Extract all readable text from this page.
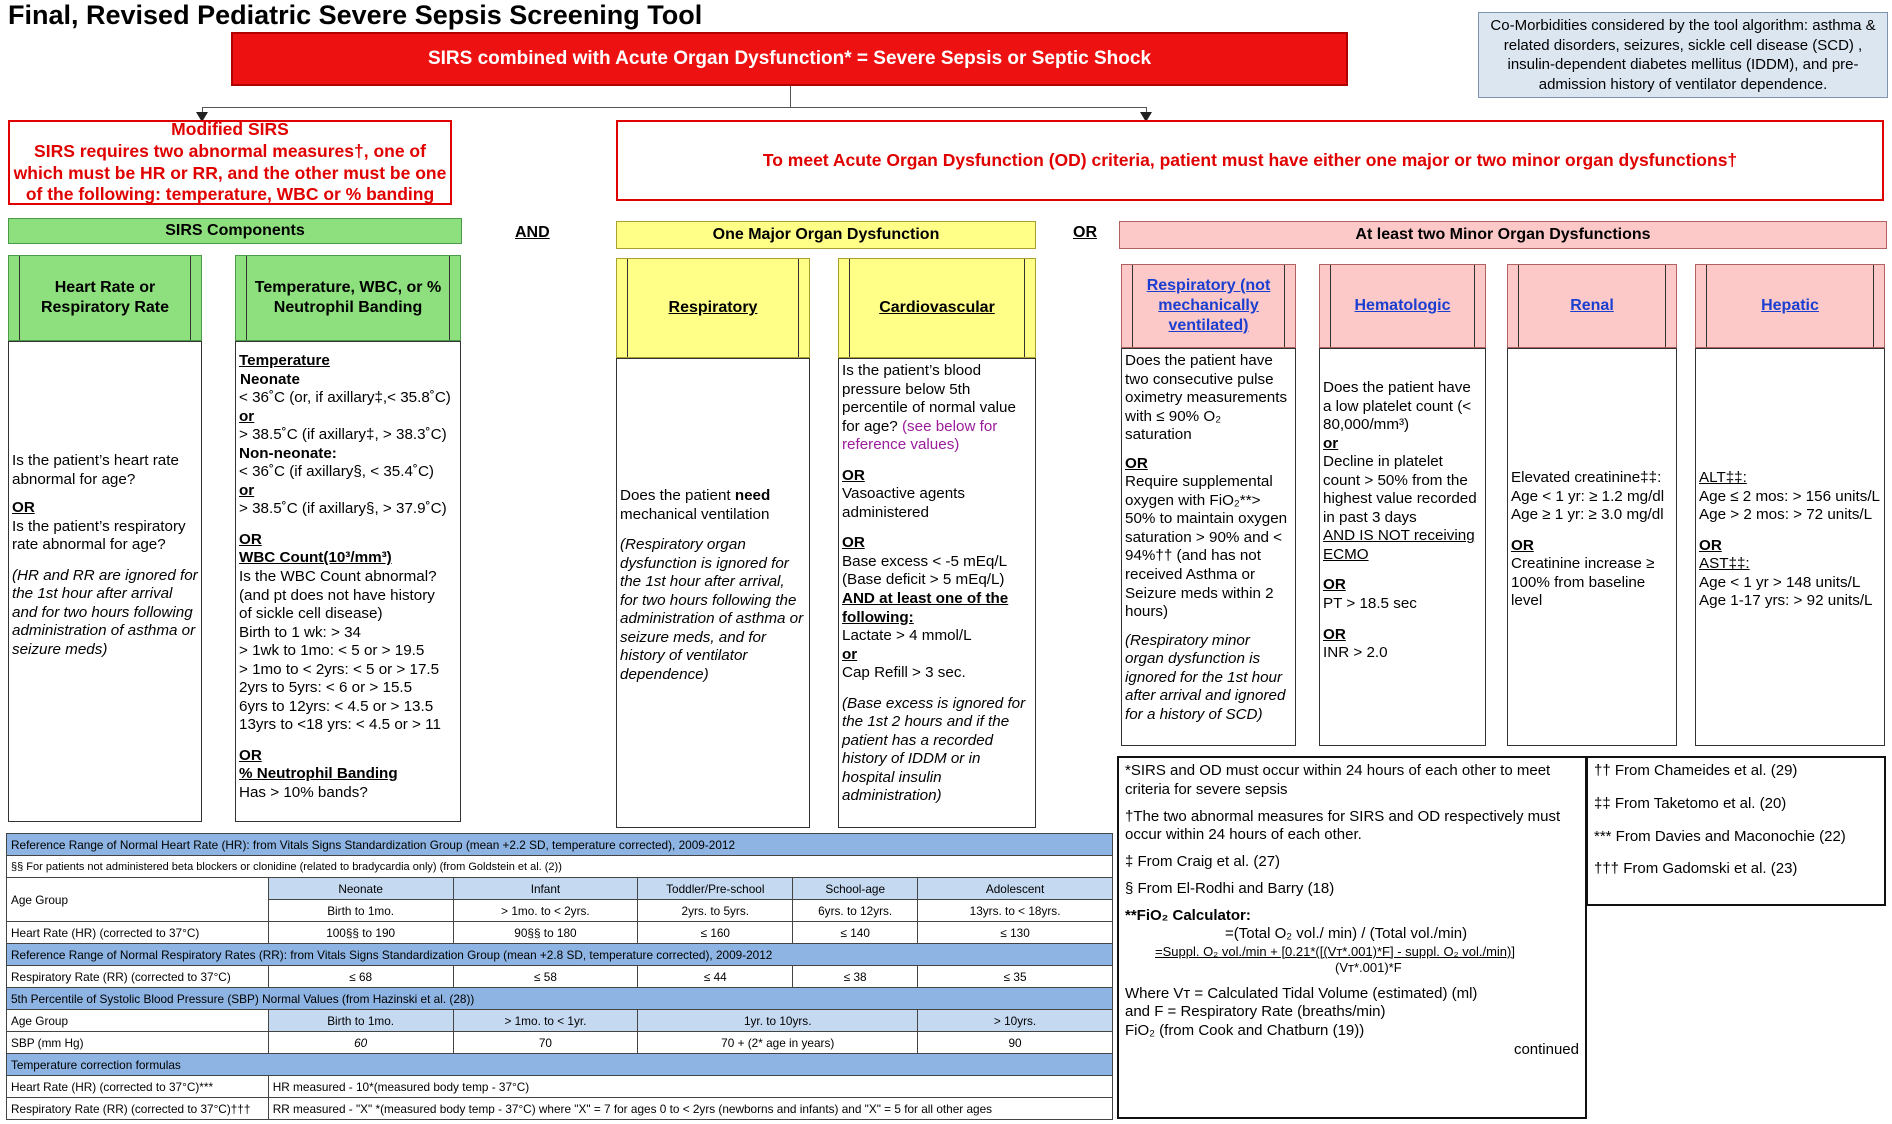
Final, Revised Pediatric Severe Sepsis Screening Tool
SIRS combined with Acute Organ Dysfunction* = Severe Sepsis or Septic Shock
Co-Morbidities considered by the tool algorithm: asthma & related disorders, seizures, sickle cell disease (SCD) , insulin-dependent diabetes mellitus (IDDM), and pre-admission history of ventilator dependence.
Modified SIRS
SIRS requires two abnormal measures†, one of which must be HR or RR, and the other must be one of the following: temperature, WBC or % banding
To meet Acute Organ Dysfunction (OD) criteria, patient must have either one major or two minor organ dysfunctions†
SIRS Components	AND	One Major Organ Dysfunction	OR	At least two Minor Organ Dysfunctions
Heart Rate or Respiratory Rate
Temperature, WBC, or % Neutrophil Banding	Respiratory	Cardiovascular
Respiratory (not mechanically ventilated)
Hematologic	Renal	Hepatic

Is the patient’s heart rate abnormal for age?

OR

Is the patient’s respiratory rate abnormal for age?

(HR and RR are ignored for the 1st hour after arrival and for two hours following administration of asthma or seizure meds)

Temperature

Neonate

< 36˚C (or, if axillary‡,< 35.8˚C)

or

> 38.5˚C (if axillary‡, > 38.3˚C)

Non-neonate:

< 36˚C (if axillary§, < 35.4˚C)

or

> 38.5˚C (if axillary§, > 37.9˚C)

OR

WBC Count(10³/mm³)

Is the WBC Count abnormal?

(and pt does not have history

of sickle cell disease)

Birth to 1 wk: > 34

> 1wk to 1mo: < 5 or > 19.5

> 1mo to < 2yrs: < 5 or > 17.5

2yrs to 5yrs: < 6 or > 15.5

6yrs to 12yrs: < 4.5 or > 13.5

13yrs to <18 yrs: < 4.5 or > 11

OR

% Neutrophil Banding

Has > 10% bands?

Does the patient need mechanical ventilation

(Respiratory organ dysfunction is ignored for the 1st hour after arrival, for two hours following the administration of asthma or seizure meds, and for history of ventilator dependence)

Is the patient’s blood pressure below 5th percentile of normal value for age? (see below for reference values)

OR

Vasoactive agents administered

OR

Base excess < -5 mEq/L

(Base deficit > 5 mEq/L)

AND at least one of the following:

Lactate > 4 mmol/L

or

Cap Refill > 3 sec.

(Base excess is ignored for the 1st 2 hours and if the patient has a recorded history of IDDM or in hospital insulin administration)

Does the patient have two consecutive pulse oximetry measurements with ≤ 90% O₂ saturation

OR

Require supplemental oxygen with FiO₂**> 50% to maintain oxygen saturation > 90% and < 94%†† (and has not received Asthma or Seizure meds within 2 hours)

(Respiratory minor organ dysfunction is ignored for the 1st hour after arrival and ignored for a history of SCD)

Does the patient have a low platelet count (< 80,000/mm³)

or

Decline in platelet count > 50% from the highest value recorded in past 3 days

AND IS NOT receiving ECMO

OR

PT > 18.5 sec

OR

INR > 2.0

Elevated creatinine‡‡:

Age < 1 yr: ≥ 1.2 mg/dl

Age ≥ 1 yr: ≥ 3.0 mg/dl

OR

Creatinine increase ≥ 100% from baseline level

ALT‡‡:

Age ≤ 2 mos: > 156 units/L

Age > 2 mos: > 72 units/L

OR

AST‡‡:

Age < 1 yr > 148 units/L

Age 1-17 yrs: > 92 units/L

Reference Range of Normal Heart Rate (HR): from Vitals Signs Standardization Group (mean +2.2 SD, temperature corrected), 2009-2012					
§§ For patients not administered beta blockers or clonidine (related to bradycardia only) (from Goldstein et al. (2))					
Age Group	Neonate	Infant	Toddler/Pre-school	School-age	Adolescent
	Birth to 1mo.	> 1mo. to < 2yrs.	2yrs. to 5yrs.	6yrs. to 12yrs.	13yrs. to < 18yrs.
Heart Rate (HR) (corrected to 37°C)	100§§ to 190	90§§ to 180	≤ 160	≤ 140	≤ 130
Reference Range of Normal Respiratory Rates (RR): from Vitals Signs Standardization Group (mean +2.8 SD, temperature corrected), 2009-2012					
Respiratory Rate (RR) (corrected to 37°C)	≤ 68	≤ 58	≤ 44	≤ 38	≤ 35
5th Percentile of Systolic Blood Pressure (SBP) Normal Values (from Hazinski et al. (28))					
Age Group	Birth to 1mo.	> 1mo. to < 1yr.	1yr. to 10yrs.		> 10yrs.
SBP (mm Hg)	60	70	70 + (2* age in years)		90
Temperature correction formulas					
Heart Rate (HR) (corrected to 37°C)***	HR measured - 10*(measured body temp - 37°C)				
Respiratory Rate (RR) (corrected to 37°C)†††	RR measured - "X" *(measured body temp - 37°C) where "X" = 7 for ages 0 to < 2yrs (newborns and infants) and "X" = 5 for all other ages				

*SIRS and OD must occur within 24 hours of each other to meet criteria for severe sepsis

†The two abnormal measures for SIRS and OD respectively must occur within 24 hours of each other.

‡ From Craig et al. (27)

§ From El-Rodhi and Barry (18)

**FiO₂ Calculator:

=(Total O₂ vol./ min) / (Total vol./min)

=Suppl. O₂ vol./min + [0.21*([(Vт*.001)*F] - suppl. O₂ vol./min)]

(Vт*.001)*F

Where Vт = Calculated Tidal Volume (estimated) (ml)

and F = Respiratory Rate (breaths/min)

FiO₂ (from Cook and Chatburn (19))

continued

†† From Chameides et al. (29)

‡‡ From Taketomo et al. (20)

*** From Davies and Maconochie (22)

††† From Gadomski et al. (23)
